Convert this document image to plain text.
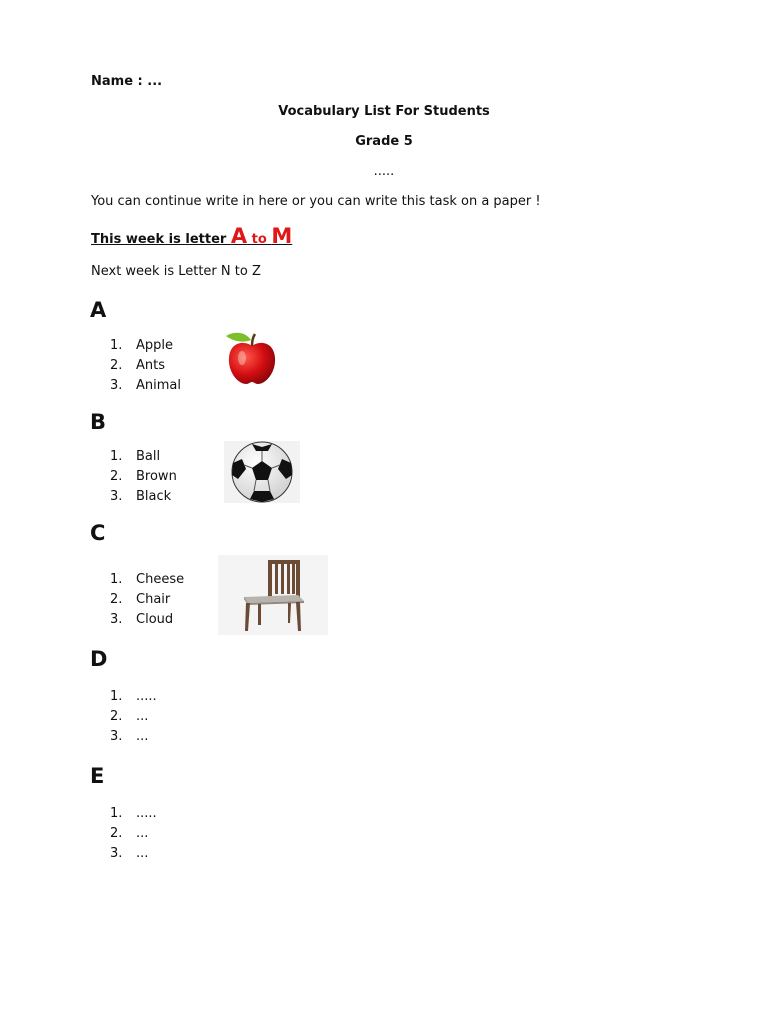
Name : ...
Vocabulary List For Students
Grade 5
.....
You can continue write in here or you can write this task on a paper !
This week is letter A to M
Next week is Letter N to Z
A
1. Apple
2. Ants
3. Animal
B
1. Ball
2. Brown
3. Black
C
1. Cheese
2. Chair
3. Cloud
D
1. .....
2. ...
3. ...
E
1. .....
2. ...
3. ...
